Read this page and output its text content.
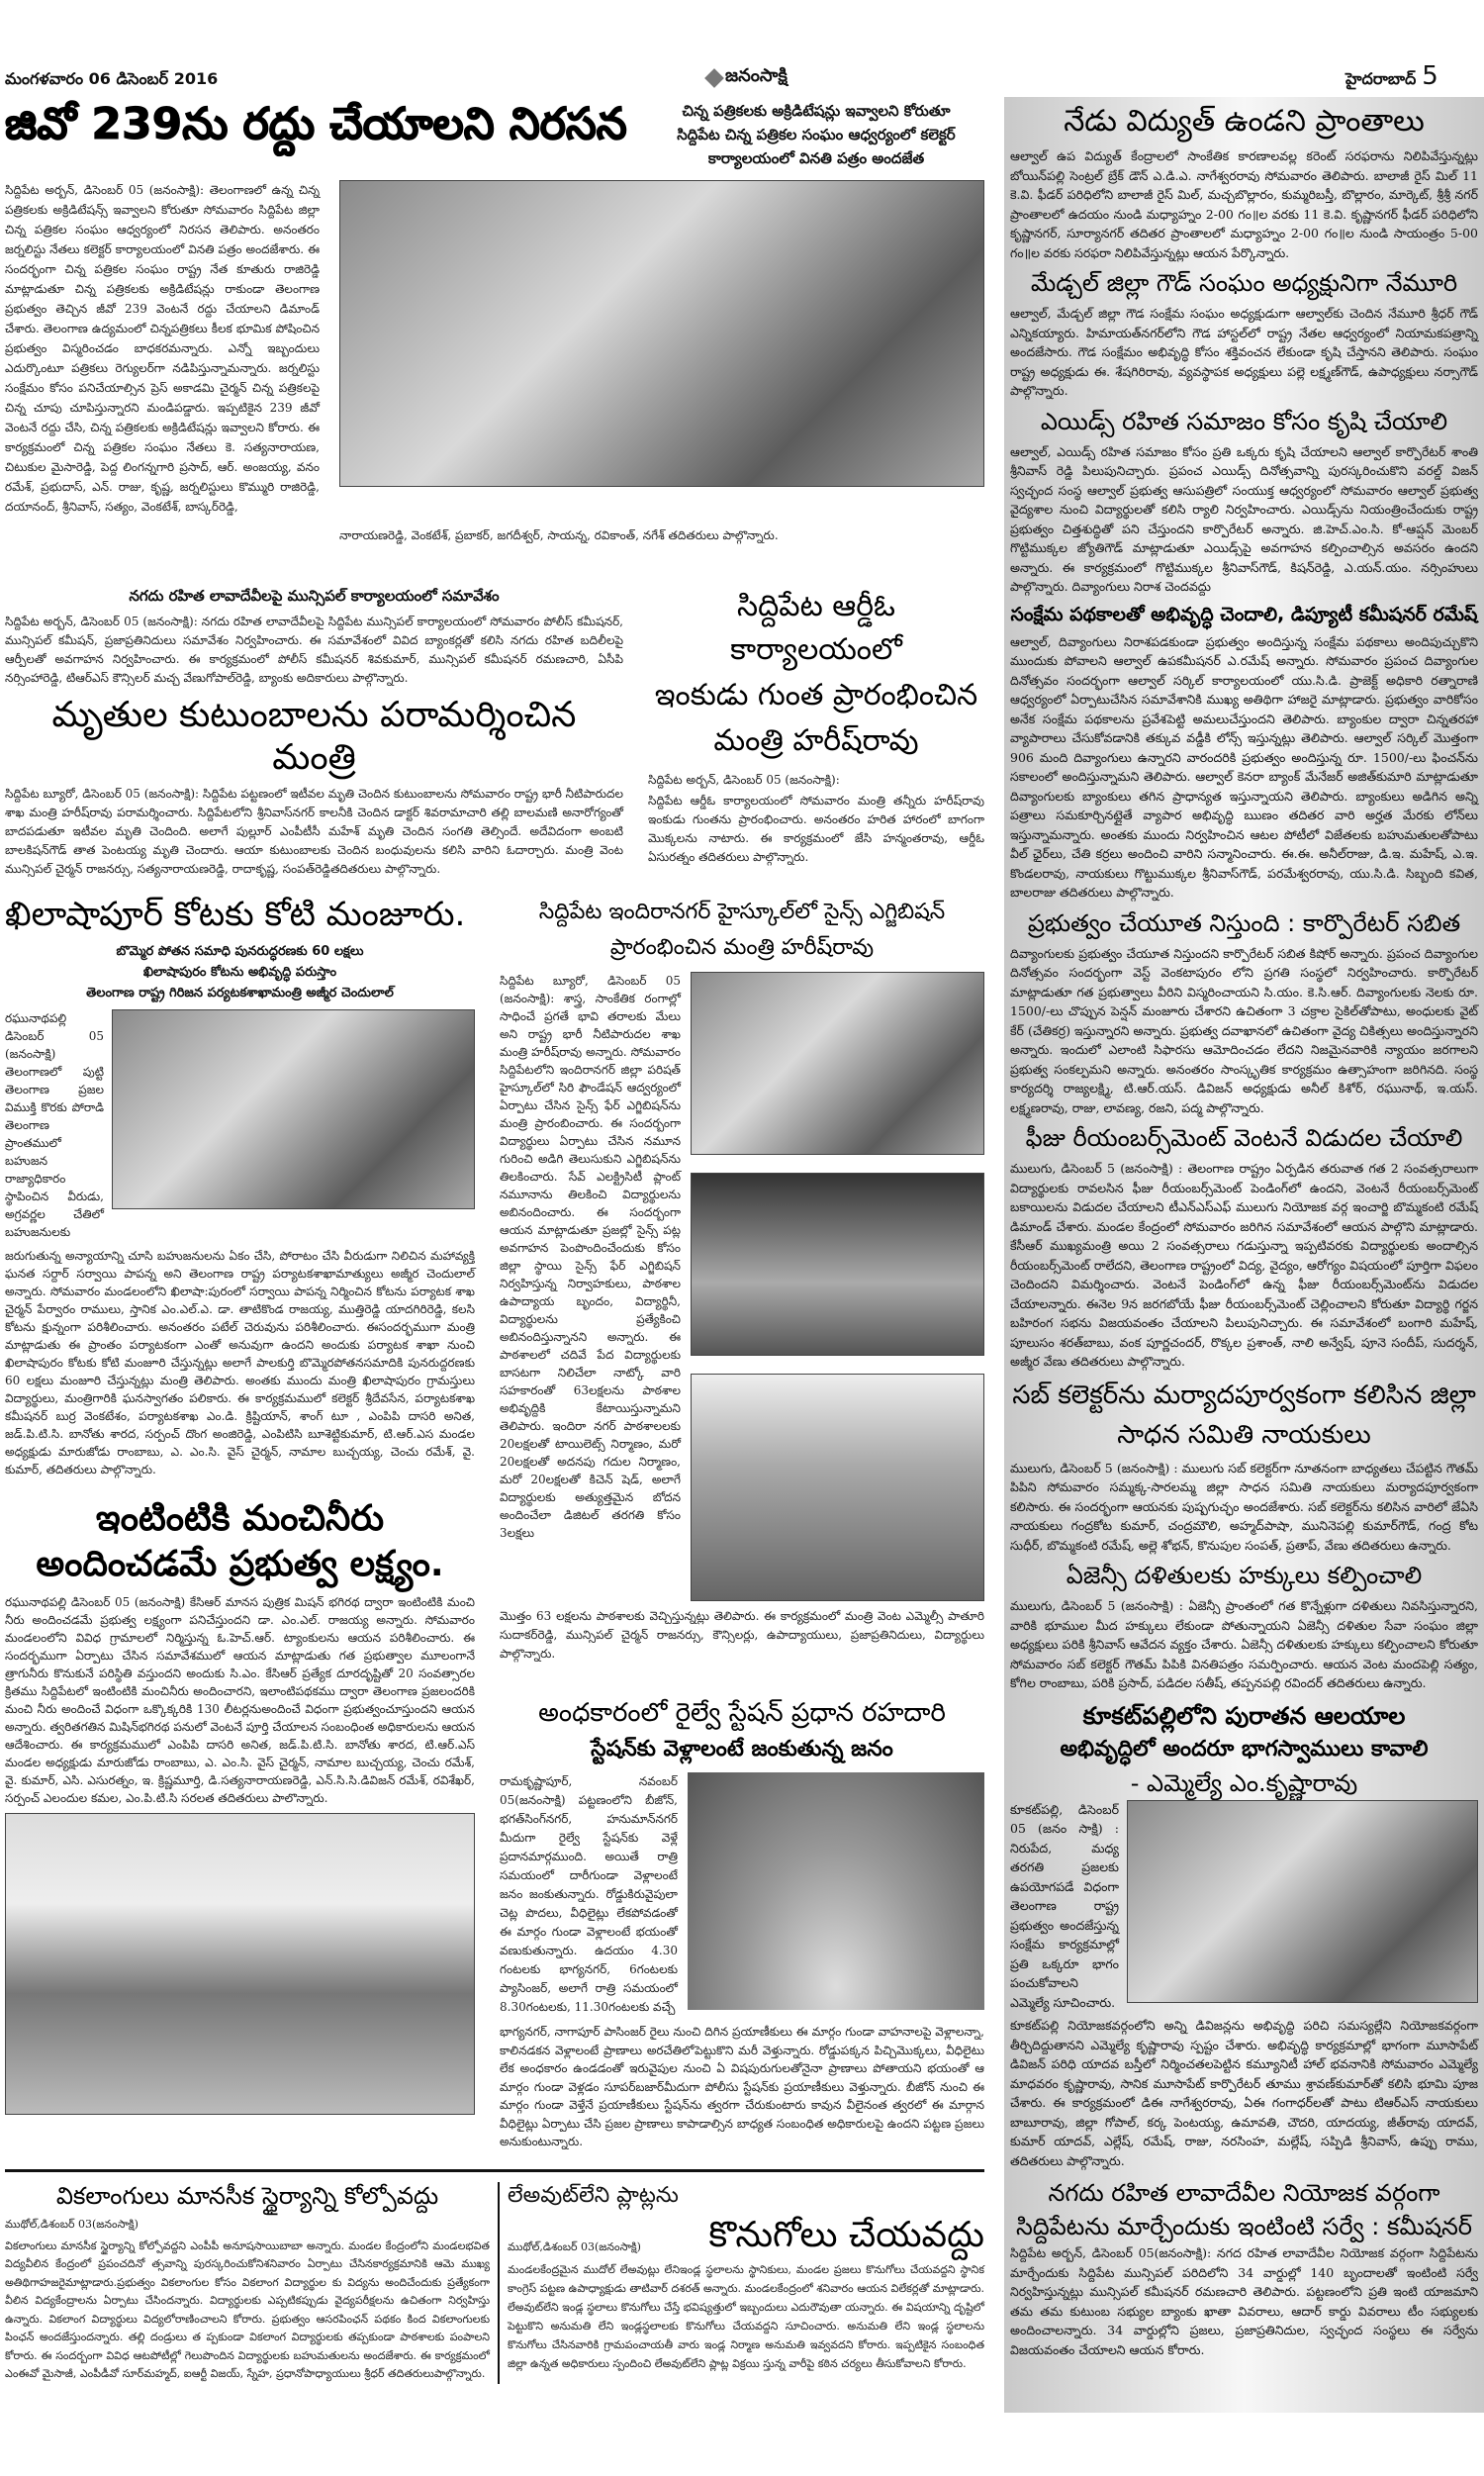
మంగళవారం 06 డిసెంబర్ 2016	జనంసాక్షి	హైదరాబాద్ 5
జివో 239ను రద్దు చేయాలని నిరసన	చిన్న పత్రికలకు అక్రిడిటేషన్లు ఇవ్వాలని కోరుతూ
సిద్దిపేట చిన్న పత్రికల సంఘం ఆధ్వర్యంలో కలెక్టర్
కార్యాలయంలో వినతి పత్రం అందజేత
సిద్దిపేట అర్బన్, డిసెంబర్ 05 (జనంసాక్షి): తెలంగాణలో ఉన్న చిన్న పత్రికలకు అక్రిడిటేషన్స్ ఇవ్వాలని కోరుతూ సోమవారం సిద్దిపేట జిల్లా చిన్న పత్రికల సంఘం ఆధ్వర్యంలో నిరసన తెలిపారు. అనంతరం జర్నలిస్టు నేతలు కలెక్టర్ కార్యాలయంలో వినతి పత్రం అందజేశారు. ఈ సందర్భంగా చిన్న పత్రికల సంఘం రాష్ట్ర నేత కూతురు రాజిరెడ్డి మాట్లాడుతూ చిన్న పత్రికలకు అక్రిడిటేషన్లు రాకుండా తెలంగాణ ప్రభుత్వం తెచ్చిన జీవో 239 వెంటనే రద్దు చేయాలని డిమాండ్ చేశారు. తెలంగాణ ఉద్యమంలో చిన్నపత్రికలు కీలక భూమిక పోషించిన ప్రభుత్వం విస్మరించడం బాధకరమన్నారు. ఎన్నో ఇబ్బందులు ఎదుర్కొంటూ పత్రికలు రెగ్యులర్‌గా నడిపిస్తున్నామన్నారు. జర్నలిస్టు సంక్షేమం కోసం పనిచేయాల్సిన ప్రెస్ అకాడమి చైర్మన్ చిన్న పత్రికలపై చిన్న చూపు చూపిస్తున్నారని మండిపడ్డారు. ఇప్పటికైన 239 జీవో వెంటనే రద్దు చేసి, చిన్న పత్రికలకు అక్రిడిటేషన్లు ఇవ్వాలని కోరారు. ఈ కార్యక్రమంలో చిన్న పత్రికల సంఘం నేతలు కె. సత్యనారాయణ, చిటుకుల మైసారెడ్డి, పెద్ద లింగన్నగారి ప్రసాద్, ఆర్. అంజయ్య, వనం రమేశ్, ప్రభుదాస్, ఎన్. రాజు, కృష్ణ, జర్నలిస్టులు కొమ్మురి రాజిరెడ్డి, దయానంద్, శ్రీనివాస్, సత్యం, వెంకటేశ్, బాస్కర్‌రెడ్డి,
నారాయణరెడ్డి, వెంకటేశ్, ప్రబాకర్, జగదీశ్వర్, సాయన్న, రవికాంత్, నగేశ్ తదితరులు పాల్గొన్నారు.
నగదు రహిత లావాదేవీలపై మున్సిపల్ కార్యాలయంలో సమావేశం
సిద్దిపేట అర్బన్, డిసెంబర్ 05 (జనంసాక్షి): నగదు రహిత లావాదేవీలపై సిద్దిపేట మున్సిపల్ కార్యాలయంలో సోమవారం పోలీస్ కమీషనర్, మున్సిపల్ కమీషన్, ప్రజాప్రతినిదులు సమావేశం నిర్వహించారు. ఈ సమావేశంలో వివిద బ్యాంకర్లతో కలిసి నగదు రహిత బదిలీలపై ఆర్పీలతో అవగాహన నిర్వహించారు. ఈ కార్యక్రమంలో పోలీస్ కమీషనర్ శివకుమార్, మున్సిపల్ కమీషనర్ రమణచారి, ఏసీపి నర్సింహారెడ్డి, టిఆర్ఎస్ కౌన్సిలర్ మచ్చ వేణుగోపాల్‌రెడ్డి, బ్యాంకు అదికారులు పాల్గొన్నారు.
మృతుల కుటుంబాలను పరామర్శించిన మంత్రి
సిద్దిపేట బ్యూరో, డిసెంబర్ 05 (జనంసాక్షి): సిద్దిపేట పట్టణంలో ఇటీవల మృతి చెందిన కుటుంబాలను సోమవారం రాష్ట్ర భారీ నీటిపారుదల శాఖ మంత్రి హరీష్‌రావు పరామర్శించారు. సిద్దిపేటలోని శ్రీనివాస్‌నగర్ కాలనీకి చెందిన డాక్టర్ శివరామాచారి తల్లి బాలమణి అనారోగ్యంతో బాదపడుతూ ఇటీవల మృతి చెందింది. అలాగే పుల్లూర్ ఎంపీటీసీ మహేశ్ మృతి చెందిన సంగతి తెల్సిందే. అదేవిదంగా అంబటి బాలకిషన్‌గౌడ్ తాత పెంటయ్య మృతి చెందారు. ఆయా కుటుంబాలకు చెందిన బంధువులను కలిసి వారిని ఓదార్చారు. మంత్రి వెంట మున్సిపల్ చైర్మన్ రాజనర్సు, సత్యనారాయణరెడ్డి, రాదాకృష్ణ, సంపత్‌రెడ్డితదితరులు పాల్గొన్నారు.
సిద్దిపేట ఆర్డీఓ కార్యాలయంలో
ఇంకుడు గుంత ప్రారంభించిన
మంత్రి హరీష్‌రావు
సిద్దిపేట అర్బన్, డిసెంబర్ 05 (జనంసాక్షి):
సిద్దిపేట ఆర్డీఓ కార్యాలయంలో సోమవారం మంత్రి తన్నీరు హరీష్‌రావు ఇంకుడు గుంతను ప్రారంభించారు. అనంతరం హరిత హారంలో బాగంగా మొక్కలను నాటారు. ఈ కార్యక్రమంలో జేసి హన్మంతరావు, ఆర్డీఓ ఏసురత్నం తదితరులు పాల్గొన్నారు.
ఖిలాషాపూర్ కోటకు కోటి మంజూరు.
బొమ్మెర పోతన సమాధి పునరుద్ధరణకు 60 లక్షలు
ఖిలాషాపురం కోటను అభివృద్ధి పరుస్తాం
తెలంగాణ రాష్ట్ర గిరిజన పర్యటకశాఖామంత్రి అజ్మీర చెందులాల్
రఘునాథపల్లి డిసెంబర్ 05 (జనంసాక్షి) తెలంగాణలో పుట్టి తెలంగాణ ప్రజల విముక్తి కొరకు పోరాడి తెలంగాణ ప్రాంతములో బహుజన రాజ్యాధికారం స్థాపించిన వీరుడు, అగ్రవర్ణల చేతిలో బహుజనులకు
జరుగుతున్న అన్యాయాన్ని చూసి బహుజనులను ఏకం చేసి, పోరాటం చేసి వీరుడుగా నిలిచిన మహావ్యక్తి ఘనత సర్దార్ సర్వాయి పాపన్న అని తెలంగాణ రాష్ట్ర పర్యాటకశాఖామాత్యులు అజ్మీర చెందులాల్ అన్నారు. సోమవారం మండలంలోని ఖిలాషా:పురంలో సర్వాయి పాపన్న నిర్మించిన కోటను పర్యాటక శాఖ చైర్మన్ పేర్వారం రాములు, స్తానిక ఎం.ఎల్.ఎ. డా. తాటికొండ రాజయ్య, ముత్తిరెడ్డి యాదగిరిరెడ్డి, కలసి కోటను క్షున్నంగా పరిశీలించారు. అనంతరం పటేల్ చెరువును పరిశీలించారు. ఈసందర్భముగా మంత్రి మాట్లాడుతు ఈ ప్రాంతం పర్యాటకంగా ఎంతో అనువుగా ఉందని అందుకు పర్యాటక శాఖా నుంచి ఖిలాషాపురం కోటకు కోటి మంజూరి చేస్తున్నట్లు అలాగే పాలకుర్తి బొమ్మెరపోతనసమాదికి పునరుద్దరణకు 60 లక్షలు మంజూరి చేస్తున్నట్లు మంత్రి తెలిపారు. అంతకు ముందు మంత్రి ఖిలాషాపురం గ్రామస్తులు విద్యార్థులు, మంత్రిగారికి ఘనస్వాగతం పలికారు. ఈ కార్యక్రమములో కలెక్టర్ శ్రీదేవసేన, పర్యాటకశాఖ కమీషనర్ బుర్ర వెంకటేశం, పర్యాటకశాఖ ఎం.డి. క్రిష్టియాన్, శాంగ్ టూ , ఎంపిపి దాసరి అనిత, జడ్.పి.టి.సి. బానోతు శారద, సర్పంచ్ దొంగ అంజిరెడ్డి, ఎంపిటిసి బూశెట్టికుమార్, టి.ఆర్.ఎస మండల అధ్యక్షుడు మారుజోడు రాంబాబు, ఎ. ఎం.సి. వైస్ చైర్మన్, నామాల బుచ్చయ్య, చెంచు రమేశ్, వై. కుమార్, తదితరులు పాల్గొన్నారు.
ఇంటింటికి మంచినీరు
అందించడమే ప్రభుత్వ లక్ష్యం.
రఘునాథపల్లి డిసెంబర్ 05 (జనంసాక్షి) కేసిఆర్ మానస పుత్రిక మిషన్ భగిరథ ద్వారా ఇంటింటికి మంచి నీరు అందించడమే ప్రభుత్వ లక్ష్యంగా పనిచేస్తుందని డా. ఎం.ఎల్. రాజయ్య అన్నారు. సోమవారం మండలంలోని వివిధ గ్రామాలలో నిర్మిస్తున్న ఓ.హెచ్.ఆర్. ట్యాంకులను ఆయన పరిశీలించారు. ఈ సందర్భముగా ఏర్పాటు చేసిన సమావేశములో ఆయన మాట్లాడుతు గత ప్రభుత్వాల మూలంగానే త్రాగునీరు కొనుకునే పరిస్థితి వస్తుందని అందుకు సి.ఎం. కేసిఆర్ ప్రత్యేక దూరదృష్టితో 20 సంవత్సారల క్రితము సిద్దిపేటలో ఇంటింటికి మంచినీరు అందించారని, ఇలాంటిపథకము ద్వారా తెలంగాణ ప్రజలందరికి మంచి నీరు అందించే విధంగా ఒక్కొక్కరికి 130 లీటర్లనుఅందించే విధంగా ప్రభుత్వంచూస్తుందని ఆయన అన్నారు. త్వరితగతిన మిషిన్‌భగిరథ పనులో వెంటనే పూర్తి చేయాలన సంబంధింత అధికారులను ఆయన ఆదేశించారు. ఈ కార్యక్రమములో ఎంపిపి దాసరి అనిత, జడ్.పి.టి.సి. బానోతు శారద, టి.ఆర్.ఎస్ మండల అధ్యక్షుడు మారుజోడు రాంబాబు, ఎ. ఎం.సి. వైస్ చైర్మన్, నామాల బుచ్చయ్య, చెంచు రమేశ్, వై. కుమార్, ఎసి. ఎసురత్నం, ఇ. క్రిష్ణమూర్తి, డి.సత్యనారాయణరెడ్డి, ఎన్.సి.సి.డివిజన్ రమేశ్, రవిశేఖర్, సర్పంచ్ ఎలందుల కమల, ఎం.పి.టి.సి సరలత తదితరులు పాలొన్నారు.
సిద్దిపేట ఇందిరానగర్ హైస్కూల్‌లో సైన్స్ ఎగ్జిబిషన్
ప్రారంభించిన మంత్రి హరీష్‌రావు
సిద్దిపేట బ్యూరో, డిసెంబర్ 05 (జనంసాక్షి): శాస్త్ర, సాంకేతిక రంగాల్లో సాధించే ప్రగతే భావి తరాలకు మేలు అని రాష్ట్ర భారీ నీటిపారుదల శాఖ మంత్రి హరీష్‌రావు అన్నారు. సోమవారం సిద్దిపేటలోని ఇందిరానగర్ జిల్లా పరిషత్ హైస్కూల్‌లో సిరి ఫౌండేషన్ ఆద్వర్యంలో ఏర్పాటు చేసిన సైన్స్ ఫేర్ ఎగ్జిబిషన్‌ను మంత్రి ప్రారంబించారు. ఈ సందర్బంగా విద్యార్థులు ఏర్పాటు చేసిన నమూన గురించి అడిగి తెలుసుకుని ఎగ్జిబిషన్‌ను తిలకించారు. సేవ్ ఎలక్ట్రిసిటీ ప్లాంట్ నమూనాను తిలకించి విద్యార్థులను అబినందించారు. ఈ సందర్బంగా ఆయన మాట్లాడుతూ ప్రజల్లో సైన్స్ పట్ల అవగాహన పెంపొందించేందుకు కోసం జిల్లా స్థాయి సైన్స్ ఫేర్ ఎగ్జిబిషన్ నిర్వహిస్తున్న నిర్వాహకులు, పాఠశాల ఉపాద్యాయ బృందం, విద్యార్థినీ, విద్యార్థులను ప్రత్యేకించి అబినందిస్తున్నానని అన్నారు. ఈ పాఠశాలలో చదివే పేద విద్యార్థులకు బాసటగా నిలిచేలా నాట్కో వారి సహకారంతో 63లక్షలను పాఠశాల అభివృద్దికి కేటాయిస్తున్నామని తెలిపారు. ఇందిరా నగర్ పాఠశాలలకు 20లక్షలతో టాయిలెట్స్ నిర్మాణం, మరో 20లక్షలతో అదనపు గదుల నిర్మాణం, మరో 20లక్షలతో కిచెన్ షెడ్, అలాగే విద్యార్థులకు అత్యుత్తమైన బోదన అందించేలా డిజిటల్ తరగతి కోసం 3లక్షలు
మొత్తం 63 లక్షలను పాఠశాలకు వెచ్చిస్తున్నట్లు తెలిపారు. ఈ కార్యక్రమంలో మంత్రి వెంట ఎమ్మెల్సీ పాతూరి సుదాకర్‌రెడ్డి, మున్సిపల్ చైర్మన్ రాజనర్సు, కౌన్సిలర్లు, ఉపాద్యాయులు, ప్రజాప్రతినిదులు, విద్యార్థులు పాల్గొన్నారు.
అంధకారంలో రైల్వే స్టేషన్ ప్రధాన రహదారి
స్టేషన్‌కు వెళ్లాలంటే జంకుతున్న జనం
రామకృష్ణాపూర్, నవంబర్ 05(జనంసాక్షి) పట్టణంలోని బీజోన్, భగత్‌సింగ్‌నగర్, హనుమాన్‌నగర్ మీదుగా రైల్వే స్టేషన్‌కు వెళ్లే ప్రదానమార్గముంది. అయితే రాత్రి సమయంలో దారీగుండా వెళ్లాలంటే జనం జంకుతున్నారు. రోడ్డుకిరువైపులా చెట్ల పొదలు, వీధిలైట్లు లేకపోవడంతో ఈ మార్గం గుండా వెళ్లాలంటే భయంతో వణుకుతున్నారు. ఉదయం 4.30 గంటలకు భాగ్యనగర్, 6గంటలకు ప్యాసింజర్, అలాగే రాత్రి సమయంలో 8.30గంటలకు, 11.30గంటలకు వచ్చే
భాగ్యనగర్, నాగాపూర్ పాసింజర్ రైలు నుంచి దిగిన ప్రయాణీకులు ఈ మార్గం గుండా వాహనాలపై వెళ్లాలన్నా, కాలినడకన వెళ్లాలంటే ప్రాణాలు అరచేతిలోపెట్టుకొని మరీ వెళ్తున్నారు. రోడ్డుపక్కన పిచ్చిమొక్కలు, వీధిలైటు లేక అంధకారం ఉండడంతో ఇరువైపుల నుంచి ఏ విషపురుగులతోనైనా ప్రాణాలు పోతాయని భయంతో ఆ మార్గం గుండా వెళ్లడం సూపర్‌బజార్‌మీదుగా పోలీసు స్టేషన్‌కు ప్రయాణీకులు వెళ్తున్నారు. బీజోన్ నుంచి ఈ మార్గం గుండా వెళ్తేనే ప్రయాణీకులు స్టేషన్‌ను త్వరగా చేరుకుంటారు కావున వీలైనంత త్వరలో ఈ మార్గాన వీధిలైట్లు ఏర్పాటు చేసి ప్రజల ప్రాణాలు కాపాడాల్సిన బాధ్యత సంబంధిత అధికారులపై ఉందని పట్టణ ప్రజలు అనుకుంటున్నారు.
వికలాంగులు మానసీక స్థైర్యాన్ని కోల్పోవద్దు
ముథోల్,డిశంబర్ 03(జనంసాక్షి)
వికలాంగులు మానసీక స్థైర్యాన్ని కోల్పోవద్దని ఎంపీపీ అనూషసాయిబాబా అన్నారు. మండల కేంద్రంలోని మండలభవిత విద్యవీలిన కేంద్రంలో ప్రపంచదినో త్సవాన్ని పురస్కరించుకోనిశనివారం ఏర్పాటు చేసినకార్యక్రమానికి ఆమె ముఖ్య అతిథిగాహజరైమాట్లాడారు.ప్రభుత్వం వికలాంగుల కోసం వికలాంగ విద్యార్థుల కు విద్యను అందిచేందుకు ప్రత్యేకంగా వీలిన విద్యకేంద్రాలను ఏర్పాటు చేసిందన్నారు. విద్యార్థులకు ఎప్పటికప్పుడు వైద్యపరీక్షలను ఉచితంగా నిర్వహిస్తు ఉన్నారు. వికలాంగ విద్యార్థులు విద్యలోరాణించాలని కోరారు. ప్రభుత్వం ఆసరపింఛన్ పథకం కింద వికలాంగులకు పింఛన్ అందజేస్తుందన్నారు. తల్లి దండ్రులు త ప్పకుండా వికలాంగ విద్యార్థులకు తప్పకుండా పాఠశాలకు పంపాలని కోరారు. ఈ సందర్బంగా వివిధ ఆటపోటీల్లో గెలుపొందిన విద్యార్థులకు బహుమతులను అందజేశారు. ఈ కార్యక్రమంలో ఎంఈవో మైసాజీ, ఎంపీడీవో సూర్‌మహ్మద్, ఐఆర్టీ విజయ్, స్నేహ, ప్రధానోపాధ్యాయులు శ్రీధర్ తదితరులుపాల్గొన్నారు.
లేఅవుట్‌లేని ప్లాట్లను
ముథోల్,డిశంబర్ 03(జనంసాక్షి) కొనుగోలు చేయవద్దు
మండలకేంద్రమైన ముదోల్ లేఅవుట్లు లేనిఇండ్ల స్థలాలను స్థానికులు, మండల ప్రజలు కొనుగోలు చేయవద్దని స్థానిక కాంగ్రెస్ పట్టణ ఉపాధ్యాక్షుడు తాటివార్ దశరత్ అన్నారు. మండలకేంద్రంలో శనివారం ఆయన విలేకర్లతో మాట్లాడారు. లేఅవుట్‌లేని ఇండ్ల స్థలాలు కొనుగోలు చేస్తే భవిష్యత్తులో ఇబ్బందులు ఎదురౌవుతా యన్నారు. ఈ విషయాన్ని దృష్టిలో పెట్టుకొని అనుమతి లేని ఇండ్లస్థలాలకు కొనుగోలు చేయవద్దని సూచించారు. అనుమతి లేని ఇండ్ల స్థలాలను కొనుగోలు చేసినవారికి గ్రామపంచాయతీ వారు ఇండ్ల నిర్మాణ అనుమతి ఇవ్వవదని కోరారు. ఇప్పటికైన సంబంధిత జిల్లా ఉన్నత అధికారులు స్పందించి లేఅవుట్‌లేని ప్లాట్ల విక్రయి స్తున్న వారీపై కఠిన చర్యలు తీసుకోవాలని కోరారు.
నేడు విద్యుత్ ఉండని ప్రాంతాలు
ఆల్వాల్ ఉప విద్యుత్ కేంద్రాలలో సాంకేతిక కారణాలవల్ల కరెంట్ సరఫరాను నిలిపివేస్తున్నట్లు బోయిన్‌పల్లి సెంట్రల్ బ్రేక్ డౌన్ ఎ.డి.ఎ. నాగేశ్వరరావు సోమవారం తెలిపారు. బాలాజీ రైస్ మిల్ 11 కె.వి. ఫీడర్ పరిధిలోని బాలాజీ రైస్ మిల్, మచ్చబొల్లారం, కుమ్మరిబస్తీ, బొల్లారం, మార్కెట్, శ్రీశ్రీ నగర్ ప్రాంతాలలో ఉదయం నుండి మధ్యాహ్నం 2-00 గం॥ల వరకు 11 కె.వి. కృష్ణానగర్ ఫీడర్ పరిధిలోని కృష్ణానగర్, సూర్యానగర్ తదితర ప్రాంతాలలో మధ్యాహ్నం 2-00 గం॥ల నుండి సాయంత్రం 5-00 గం॥ల వరకు సరఫరా నిలిపివేస్తున్నట్లు ఆయన పేర్కొన్నారు.
మేడ్చల్ జిల్లా గౌడ్ సంఘం అధ్యక్షునిగా నేమూరి
ఆల్వాల్, మేడ్చల్ జిల్లా గౌడ సంక్షేమ సంఘం అధ్యక్షుడుగా ఆల్వాల్‌కు చెందిన నేమూరి శ్రీధర్ గౌడ్ ఎన్నికయ్యారు. హిమాయత్‌నగర్‌లోని గౌడ హాస్టల్‌లో రాష్ట్ర నేతల ఆధ్వర్యంలో నియామకపత్రాన్ని అందజేసారు. గౌడ సంక్షేమం అభివృద్ధి కోసం శక్తివంచన లేకుండా కృషి చేస్తానని తెలిపారు. సంఘం రాష్ట్ర అధ్యక్షుడు ఈ. శేషగిరిరావు, వ్యవస్థాపక అధ్యక్షులు పల్లె లక్ష్మణ్‌గౌడ్, ఉపాధ్యక్షులు నర్సాగౌడ్ పాల్గొన్నారు.
ఎయిడ్స్ రహిత సమాజం కోసం కృషి చేయాలి
ఆల్వాల్, ఎయిడ్స్ రహిత సమాజం కోసం ప్రతి ఒక్కరు కృషి చేయాలని ఆల్వాల్ కార్పొరేటర్ శాంతి శ్రీనివాస్ రెడ్డి పిలుపునిచ్చారు. ప్రపంచ ఎయిడ్స్ దినోత్సవాన్ని పురస్కరించుకొని వరల్డ్ విజన్ స్వచ్ఛంద సంస్థ ఆల్వాల్ ప్రభుత్వ ఆసుపత్రిలో సంయుక్త ఆధ్వర్యంలో సోమవారం ఆల్వాల్ ప్రభుత్వ వైద్యశాల నుంచి విద్యార్థులతో కలిసి ర్యాలి నిర్వహించారు. ఎయిడ్స్‌ను నియంత్రించేందుకు రాష్ట్ర ప్రభుత్వం చిత్తశుద్ధితో పని చేస్తుందని కార్పొరేటర్ అన్నారు. జి.హెచ్.ఎం.సి. కో-ఆప్షన్ మెంబర్ గొట్టిముక్కల జ్యోతిగౌడ్ మాట్లాడుతూ ఎయిడ్స్‌పై అవగాహన కల్పించాల్సిన అవసరం ఉందని అన్నారు. ఈ కార్యక్రమంలో గొట్టిముక్కల శ్రీనివాస్‌గౌడ్, కిషన్‌రెడ్డి, ఎ.యన్.యం. నర్సింహులు పాల్గొన్నారు. దివ్యాంగులు నిరాశ చెందవద్దు
సంక్షేమ పథకాలతో అభివృద్ధి చెందాలి, డిప్యూటీ కమీషనర్ రమేష్
ఆల్వాల్, దివ్యాంగులు నిరాశపడకుండా ప్రభుత్వం అందిస్తున్న సంక్షేమ పథకాలు అందిపుచ్చుకొని ముందుకు పోవాలని ఆల్వాల్ ఉపకమీషనర్ ఎ.రమేష్ అన్నారు. సోమవారం ప్రపంచ దివ్యాంగుల దినోత్సవం సందర్భంగా ఆల్వాల్ సర్కిల్ కార్యాలయంలో యు.సి.డి. ప్రాజెక్ట్ అధికారి రత్నారాణి ఆధ్వర్యంలో ఏర్పాటుచేసిన సమావేశానికి ముఖ్య అతిథిగా హాజరై మాట్లాడారు. ప్రభుత్వం వారికోసం అనేక సంక్షేమ పథకాలను ప్రవేశపెట్టి అమలుచేస్తుందని తెలిపారు. బ్యాంకుల ద్వారా చిన్నతరహా వ్యాపారాలు చేసుకోవడానికి తక్కువ వడ్డీకి లోన్స్ ఇస్తున్నట్లు తెలిపారు. ఆల్వాల్ సర్కిల్ మొత్తంగా 906 మంది దివ్యాంగులు ఉన్నారని వారందరికి ప్రభుత్వం అందిస్తున్న రూ. 1500/-లు ఫించన్‌ను సకాలంలో అందిస్తున్నామని తెలిపారు. ఆల్వాల్ కెనరా బ్యాంక్ మేనేజర్ అజిత్‌కుమారి మాట్లాడుతూ దివ్యాంగులకు బ్యాంకులు తగిన ప్రాధాన్యత ఇస్తున్నాయని తెలిపారు. బ్యాంకులు అడిగిన అన్ని పత్రాలు సమకూర్చినట్లైతే వ్యాపార అభివృద్ధి ఋణం తదితర వారి అర్హత మేరకు లోన్‌లు ఇస్తున్నామన్నారు. అంతకు ముందు నిర్వహించిన ఆటల పోటీలో విజేతలకు బహుమతులతోపాటు వీల్ ఛైర్‌లు, చేతి కర్రలు అందించి వారిని సన్మానించారు. ఈ.ఈ. అనీల్‌రాజు, డి.ఇ. మహేష్, ఎ.ఇ. కొండలరావు, నాయకులు గొట్టుముక్కల శ్రీనివాస్‌గౌడ్, పరమేశ్వరరావు, యు.సి.డి. సిబ్బంది కవిత, బాలరాజు తదితరులు పాల్గొన్నారు.
ప్రభుత్వం చేయూత నిస్తుంది : కార్పొరేటర్ సబిత
దివ్యాంగులకు ప్రభుత్వం చేయూత నిస్తుందని కార్పొరేటర్ సబిత కిషోర్ అన్నారు. ప్రపంచ దివ్యాంగుల దినోత్సవం సందర్భంగా వెస్ట్ వెంకటాపురం లోని ప్రగతి సంస్థలో నిర్వహించారు. కార్పొరేటర్ మాట్లాడుతూ గత ప్రభుత్వాలు వీరిని విస్మరించాయని సి.యం. కె.సి.ఆర్. దివ్యాంగులకు నెలకు రూ. 1500/-లు చొప్పున పెన్షన్ మంజూరు చేశారని ఉచితంగా 3 చక్రాల సైకిల్‌తోపాటు, అంధులకు వైట్ కేర్ (చేతికర్ర) ఇస్తున్నారని అన్నారు. ప్రభుత్వ దవాఖానలో ఉచితంగా వైద్య చికిత్సలు అందిస్తున్నారని అన్నారు. ఇందులో ఎలాంటి సిఫారసు ఆమోదించడం లేదని నిజమైనవారికి న్యాయం జరగాలని ప్రభుత్వ సంకల్పమని అన్నారు. అనంతరం సాంస్కృతిక కార్యక్రమం ఉత్సాహంగా జరిగినది. సంస్థ కార్యదర్శి రాజ్యలక్ష్మి, టి.ఆర్.యస్. డివిజన్ అధ్యక్షుడు అనీల్ కిశోర్, రఘునాథ్, ఇ.యస్. లక్ష్మణరావు, రాజు, లావణ్య, రజని, పద్మ పాల్గొన్నారు.
ఫీజు రీయంబర్స్‌మెంట్ వెంటనే విడుదల చేయాలి
ములుగు, డిసెంబర్ 5 (జనంసాక్షి) : తెలంగాణ రాష్ట్రం ఏర్పడిన తరువాత గత 2 సంవత్సరాలుగా విద్యార్థులకు రావలసిన ఫీజు రీయంబర్స్‌మెంట్ పెండింగ్‌లో ఉందని, వెంటనే రీయంబర్స్‌మెంట్ బకాయిలను విడుదల చేయాలని టీఎన్ఎస్ఎఫ్ ములుగు నియోజక వర్గ ఇంచార్జి బొమ్మకంటి రమేష్ డిమాండ్ చేశారు. మండల కేంద్రంలో సోమవారం జరిగిన సమావేశంలో ఆయన పాల్గొని మాట్లాడారు. కేసీఆర్ ముఖ్యమంత్రి అయి 2 సంవత్సరాలు గడుస్తున్నా ఇప్పటివరకు విద్యార్థులకు అందాల్సిన రీయంబర్స్‌మెంట్ రాలేదని, తెలంగాణ రాష్ట్రంలో విద్య, వైద్యం, ఆరోగ్యం విషయంలో పూర్తిగా విఫలం చెందిందని విమర్శించారు. వెంటనే పెండింగ్‌లో ఉన్న ఫీజు రీయంబర్స్‌మెంట్‌ను విడుదల చేయాలన్నారు. ఈనెల 9న జరగబోయే ఫీజు రీయంబర్స్‌మెంట్ చెల్లించాలని కోరుతూ విద్యార్థి గర్జన బహిరంగ సభను విజయవంతం చేయాలని పిలుపునిచ్చారు. ఈ సమావేశంలో బంగారి మహేష్, పూలుసం శరత్‌బాబు, వంక పూర్ణచందర్, రొక్కల ప్రశాంత్, నాలి అన్వేష్, పూనె సందీప్, సుదర్శన్, అజ్మీర వేణు తదితరులు పాల్గొన్నారు.
సబ్ కలెక్టర్‌ను మర్యాదపూర్వకంగా కలిసిన జిల్లా సాధన సమితి నాయకులు
ములుగు, డిసెంబర్ 5 (జనంసాక్షి) : ములుగు సబ్ కలెక్టర్‌గా నూతనంగా బాధ్యతలు చేపట్టిన గౌతమ్ పిపిని సోమవారం సమ్మక్క-సారలమ్మ జిల్లా సాధన సమితి నాయకులు మర్యాదపూర్వకంగా కలిసారు. ఈ సందర్భంగా ఆయనకు పుష్పగుచ్ఛం అందజేశారు. సబ్ కలెక్టర్‌ను కలిసిన వారిలో జేఏసి నాయకులు గంద్రకోట కుమార్, చంద్రమౌలి, అహ్మద్‌పాషా, మునినెపల్లి కుమార్‌గౌడ్, గంద్ర కోట సుధీర్, బొమ్మకంటి రమేష్, అల్లె శోభన్, కొనుపుల సంపత్, ప్రతాప్, వేణు తదితరులు ఉన్నారు.
ఏజెన్సీ దళితులకు హక్కులు కల్పించాలి
ములుగు, డిసెంబర్ 5 (జనంసాక్షి) : ఏజెన్సీ ప్రాంతంలో గత కొన్నేళ్లుగా దళితులు నివసిస్తున్నారని, వారికి భూముల మీద హక్కులు లేకుండా పోతున్నాయని ఏజెన్సీ దళితుల సేవా సంఘం జిల్లా అధ్యక్షులు పరికి శ్రీనివాస్ ఆవేదన వ్యక్తం చేశారు. ఏజెన్సీ దళితులకు హక్కులు కల్పించాలని కోరుతూ సోమవారం సబ్ కలెక్టర్ గౌతమ్ పిపికి వినతిపత్రం సమర్పించారు. ఆయన వెంట మందపెల్లి సత్యం, కోగిల రాంబాబు, పరికి ప్రసాద్, పడిదల సతీష్, తప్పనపల్లి రవిందర్ తదితరులు ఉన్నారు.
కూకట్‌పల్లిలోని పురాతన ఆలయాల
అభివృద్ధిలో అందరూ భాగస్వాములు కావాలి
- ఎమ్మెల్యే ఎం.కృష్ణారావు
కూకట్‌పల్లి, డిసెంబర్ 05 (జనం సాక్షి) : నిరుపేద, మధ్య తరగతి ప్రజలకు ఉపయోగపడే విధంగా తెలంగాణ రాష్ట్ర ప్రభుత్వం అందజేస్తున్న సంక్షేమ కార్యక్రమాల్లో ప్రతి ఒక్కరూ భాగం పంచుకోవాలని ఎమ్మెల్యే సూచించారు.
కూకట్‌పల్లి నియోజకవర్గంలోని అన్ని డివిజన్లను అభివృద్ధి పరిచి సమస్యల్లేని నియోజకవర్గంగా తీర్చిదిద్దుతానని ఎమ్మెల్యే కృష్ణారావు స్పష్టం చేశారు. అభివృద్ధి కార్యక్రమాల్లో భాగంగా మూసాపేట్ డివిజన్ పరిధి యాదవ బస్తీలో నిర్మించతలపెట్టిన కమ్యూనిటీ హాల్ భవనానికి సోమవారం ఎమ్మెల్యే మాధవరం కృష్ణారావు, సానిక మూసాపేట్ కార్పొరేటర్ తూము శ్రావణ్‌కుమార్‌తో కలిసి భూమి పూజ చేశారు. ఈ కార్యక్రమంలో డిఈ నాగేశ్వరరావు, ఏఈ గంగాధర్‌లతో పాటు టిఆర్ఎస్ నాయకులు బాబూరావు, జిల్లా గోపాల్, కర్క పెంటయ్య, ఉమావతి, చౌదరి, యాదయ్య, జీత్‌రావు యాదవ్, కుమార్ యాదవ్, ఎల్లేష్, రమేష్, రాజు, నరసింహ, మల్లేష్, సప్పిడి శ్రీనివాస్, ఉప్పు రాము, తదితరులు పాల్గొన్నారు.
నగదు రహిత లావాదేవీల నియోజక వర్గంగా
సిద్దిపేటను మార్చేందుకు ఇంటింటి సర్వే : కమీషనర్
సిద్దిపేట అర్బన్, డిసెంబర్ 05(జనంసాక్షి): నగద రహిత లావాదేవీల నియోజక వర్గంగా సిద్దిపేటను మార్చేందుకు సిద్దిపేట మున్సిపల్ పరిదిలోని 34 వార్డుల్లో 140 బృందాలతో ఇంటింటి సర్వే నిర్వహిస్తున్నట్లు మున్సిపల్ కమీషనర్ రమణచారి తెలిపారు. పట్టణంలోని ప్రతి ఇంటి యాజమాని తమ తమ కుటుంబ సభ్యుల బ్యాంకు ఖాతా వివరాలు, ఆదార్ కార్డు వివరాలు టీం సభ్యులకు అందించాలన్నారు. 34 వార్డుల్లోని ప్రజలు, ప్రజాప్రతినిదుల, స్వచ్ఛంద సంస్థలు ఈ సర్వేను విజయవంతం చేయాలని ఆయన కోరారు.
